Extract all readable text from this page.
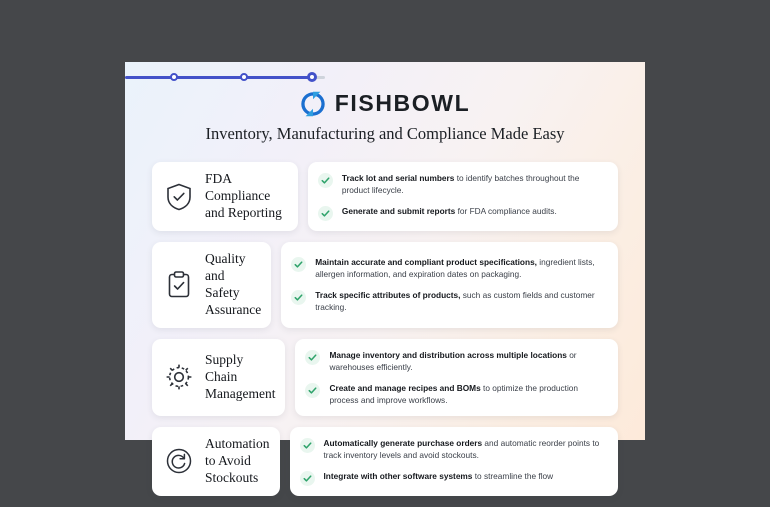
FISHBOWL
Inventory, Manufacturing and Compliance Made Easy
FDA Compliance and Reporting
Track lot and serial numbers to identify batches throughout the product lifecycle.
Generate and submit reports for FDA compliance audits.
Quality and Safety Assurance
Maintain accurate and compliant product specifications, ingredient lists, allergen information, and expiration dates on packaging.
Track specific attributes of products, such as custom fields and customer tracking.
Supply Chain Management
Manage inventory and distribution across multiple locations or warehouses efficiently.
Create and manage recipes and BOMs to optimize the production process and improve workflows.
Automation to Avoid Stockouts
Automatically generate purchase orders and automatic reorder points to track inventory levels and avoid stockouts.
Integrate with other software systems to streamline the flow
